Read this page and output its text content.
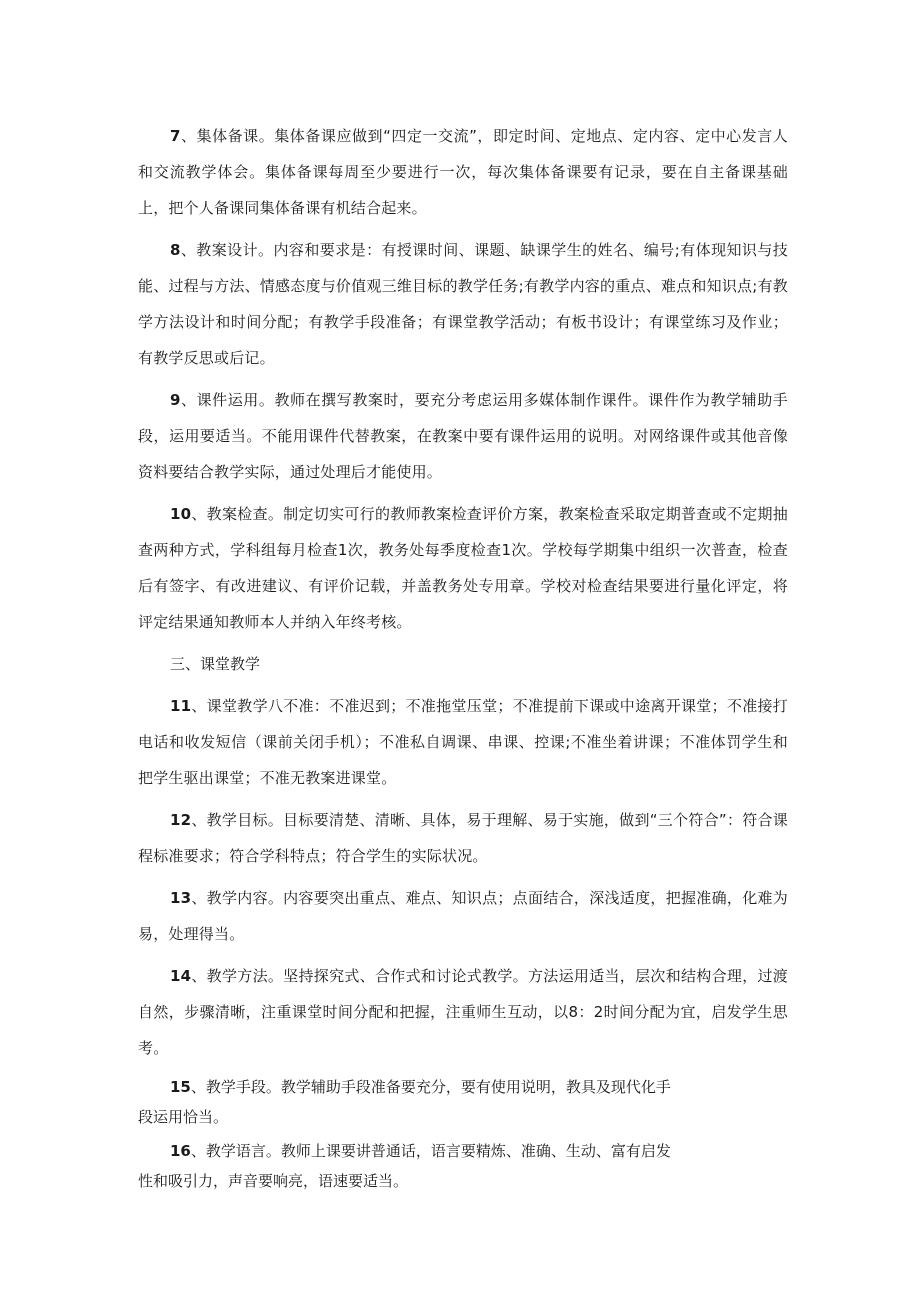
7、集体备课。集体备课应做到“四定一交流”，即定时间、定地点、定内容、定中心发言人和交流教学体会。集体备课每周至少要进行一次，每次集体备课要有记录，要在自主备课基础上，把个人备课同集体备课有机结合起来。

8、教案设计。内容和要求是：有授课时间、课题、缺课学生的姓名、编号;有体现知识与技能、过程与方法、情感态度与价值观三维目标的教学任务;有教学内容的重点、难点和知识点;有教学方法设计和时间分配；有教学手段准备；有课堂教学活动；有板书设计；有课堂练习及作业；有教学反思或后记。

9、课件运用。教师在撰写教案时，要充分考虑运用多媒体制作课件。课件作为教学辅助手段，运用要适当。不能用课件代替教案，在教案中要有课件运用的说明。对网络课件或其他音像资料要结合教学实际，通过处理后才能使用。

10、教案检查。制定切实可行的教师教案检查评价方案，教案检查采取定期普查或不定期抽查两种方式，学科组每月检查1次，教务处每季度检查1次。学校每学期集中组织一次普查，检查后有签字、有改进建议、有评价记载，并盖教务处专用章。学校对检查结果要进行量化评定，将评定结果通知教师本人并纳入年终考核。

三、课堂教学

11、课堂教学八不准：不准迟到；不准拖堂压堂；不准提前下课或中途离开课堂；不准接打电话和收发短信（课前关闭手机）；不准私自调课、串课、控课;不准坐着讲课；不准体罚学生和把学生驱出课堂；不准无教案进课堂。

12、教学目标。目标要清楚、清晰、具体，易于理解、易于实施，做到“三个符合”：符合课程标准要求；符合学科特点；符合学生的实际状况。

13、教学内容。内容要突出重点、难点、知识点；点面结合，深浅适度，把握准确，化难为易，处理得当。

14、教学方法。坚持探究式、合作式和讨论式教学。方法运用适当，层次和结构合理，过渡自然，步骤清晰，注重课堂时间分配和把握，注重师生互动，以8：2时间分配为宜，启发学生思考。

15、教学手段。教学辅助手段准备要充分，要有使用说明，教具及现代化手

段运用恰当。

16、教学语言。教师上课要讲普通话，语言要精炼、准确、生动、富有启发

性和吸引力，声音要响亮，语速要适当。
